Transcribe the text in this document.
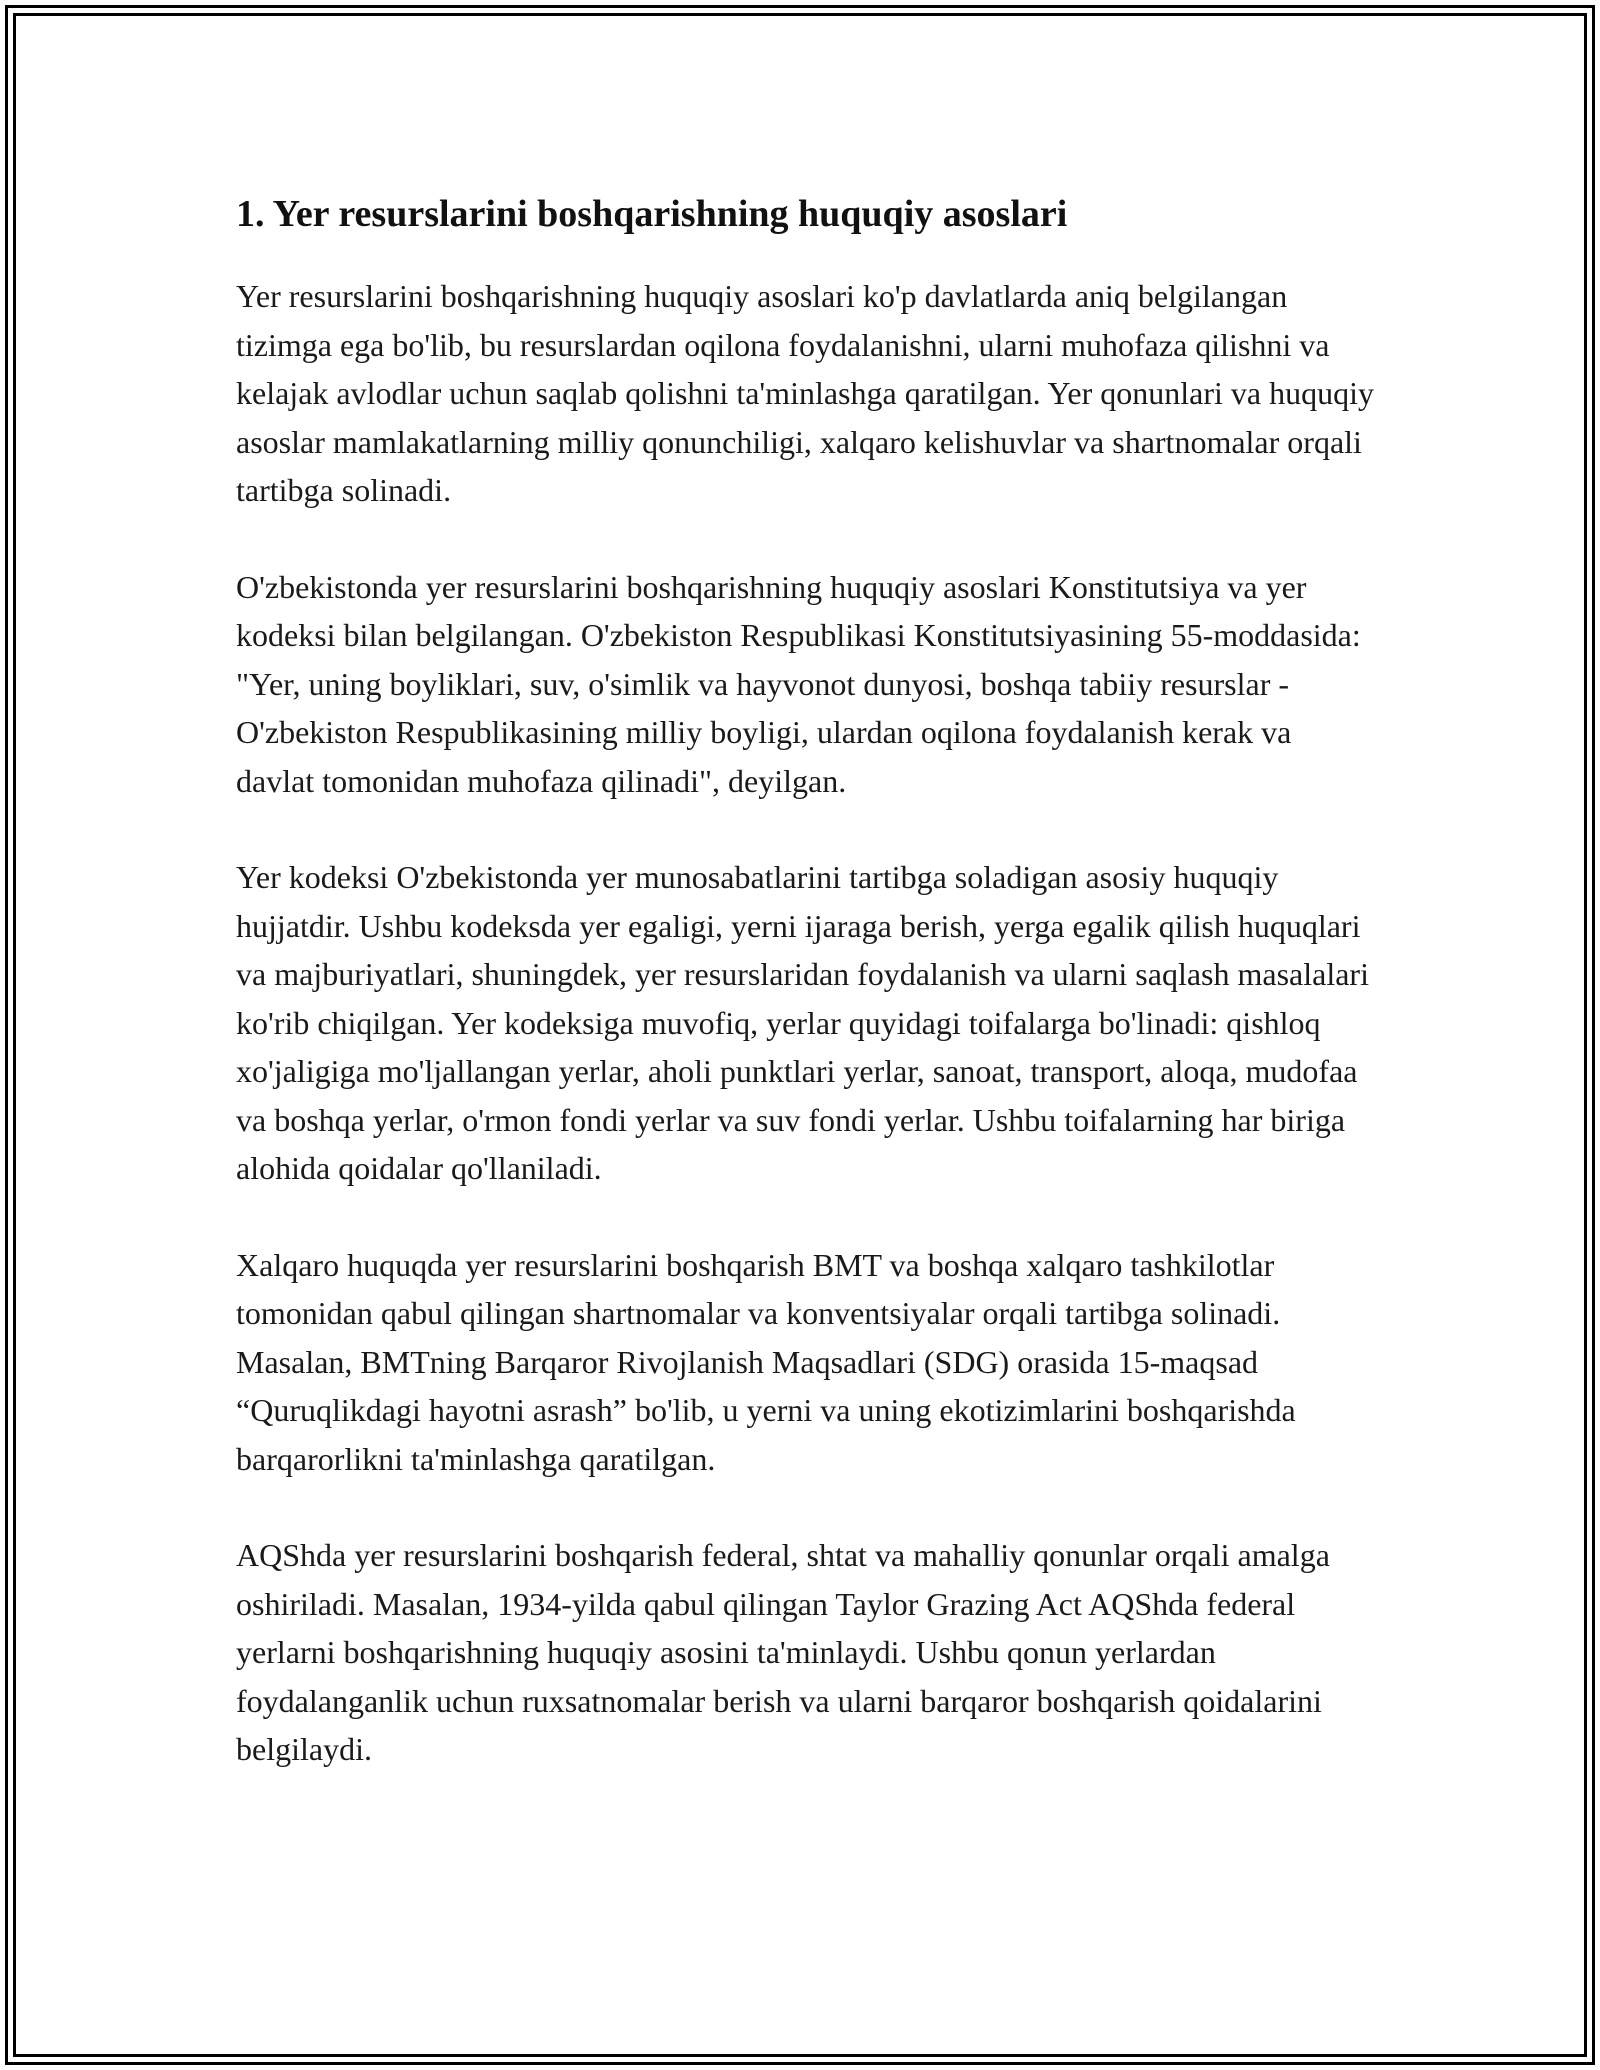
1. Yer resurslarini boshqarishning huquqiy asoslari

Yer resurslarini boshqarishning huquqiy asoslari ko'p davlatlarda aniq belgilangan tizimga ega bo'lib, bu resurslardan oqilona foydalanishni, ularni muhofaza qilishni va kelajak avlodlar uchun saqlab qolishni ta'minlashga qaratilgan. Yer qonunlari va huquqiy asoslar mamlakatlarning milliy qonunchiligi, xalqaro kelishuvlar va shartnomalar orqali tartibga solinadi.

O'zbekistonda yer resurslarini boshqarishning huquqiy asoslari Konstitutsiya va yer kodeksi bilan belgilangan. O'zbekiston Respublikasi Konstitutsiyasining 55-moddasida: "Yer, uning boyliklari, suv, o'simlik va hayvonot dunyosi, boshqa tabiiy resurslar - O'zbekiston Respublikasining milliy boyligi, ulardan oqilona foydalanish kerak va davlat tomonidan muhofaza qilinadi", deyilgan.

Yer kodeksi O'zbekistonda yer munosabatlarini tartibga soladigan asosiy huquqiy hujjatdir. Ushbu kodeksda yer egaligi, yerni ijaraga berish, yerga egalik qilish huquqlari va majburiyatlari, shuningdek, yer resurslaridan foydalanish va ularni saqlash masalalari ko'rib chiqilgan. Yer kodeksiga muvofiq, yerlar quyidagi toifalarga bo'linadi: qishloq xo'jaligiga mo'ljallangan yerlar, aholi punktlari yerlar, sanoat, transport, aloqa, mudofaa va boshqa yerlar, o'rmon fondi yerlar va suv fondi yerlar. Ushbu toifalarning har biriga alohida qoidalar qo'llaniladi.

Xalqaro huquqda yer resurslarini boshqarish BMT va boshqa xalqaro tashkilotlar tomonidan qabul qilingan shartnomalar va konventsiyalar orqali tartibga solinadi. Masalan, BMTning Barqaror Rivojlanish Maqsadlari (SDG) orasida 15-maqsad “Quruqlikdagi hayotni asrash” bo'lib, u yerni va uning ekotizimlarini boshqarishda barqarorlikni ta'minlashga qaratilgan.

AQShda yer resurslarini boshqarish federal, shtat va mahalliy qonunlar orqali amalga oshiriladi. Masalan, 1934-yilda qabul qilingan Taylor Grazing Act AQShda federal yerlarni boshqarishning huquqiy asosini ta'minlaydi. Ushbu qonun yerlardan foydalanganlik uchun ruxsatnomalar berish va ularni barqaror boshqarish qoidalarini belgilaydi.
